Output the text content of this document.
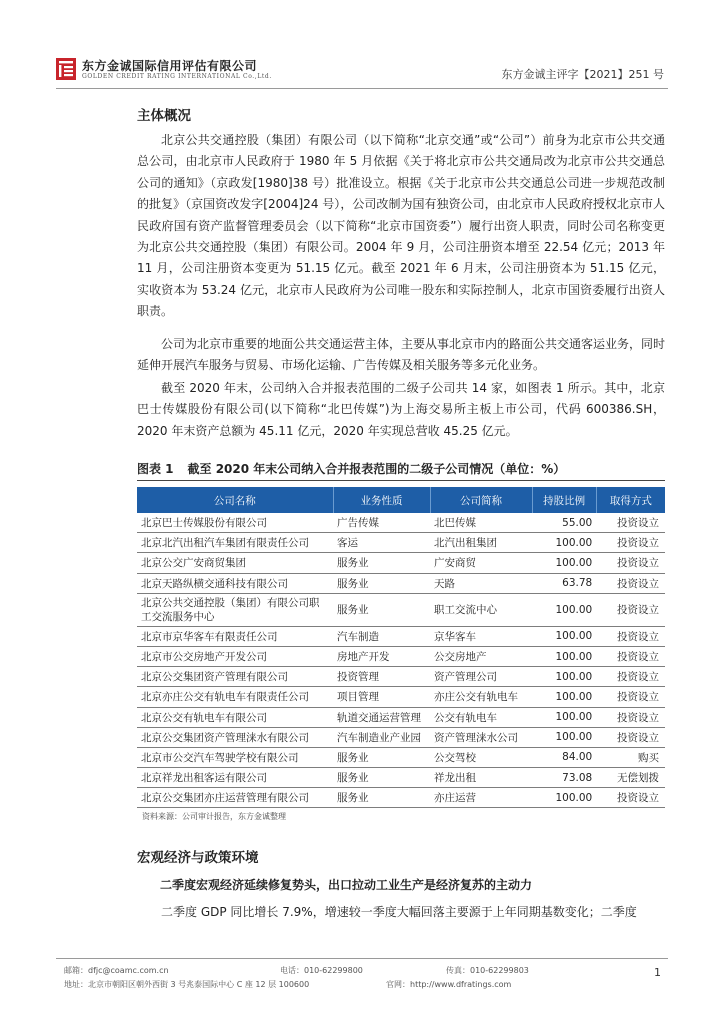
东方金诚国际信用评估有限公司
GOLDEN CREDIT RATING INTERNATIONAL Co.,Ltd.	东方金诚主评字【2021】251 号
主体概况

北京公共交通控股（集团）有限公司（以下简称“北京交通”或“公司”）前身为北京市公共交通总公司，由北京市人民政府于 1980 年 5 月依据《关于将北京市公共交通局改为北京市公共交通总公司的通知》（京政发[1980]38 号）批准设立。根据《关于北京市公共交通总公司进一步规范改制的批复》（京国资改发字[2004]24 号），公司改制为国有独资公司，由北京市人民政府授权北京市人民政府国有资产监督管理委员会（以下简称“北京市国资委”）履行出资人职责，同时公司名称变更为北京公共交通控股（集团）有限公司。2004 年 9 月，公司注册资本增至 22.54 亿元；2013 年 11 月，公司注册资本变更为 51.15 亿元。截至 2021 年 6 月末，公司注册资本为 51.15 亿元，实收资本为 53.24 亿元，北京市人民政府为公司唯一股东和实际控制人，北京市国资委履行出资人职责。

公司为北京市重要的地面公共交通运营主体，主要从事北京市内的路面公共交通客运业务，同时延伸开展汽车服务与贸易、市场化运输、广告传媒及相关服务等多元化业务。

截至 2020 年末，公司纳入合并报表范围的二级子公司共 14 家，如图表 1 所示。其中，北京巴士传媒股份有限公司(以下简称“北巴传媒”)为上海交易所主板上市公司，代码 600386.SH，2020 年末资产总额为 45.11 亿元，2020 年实现总营收 45.25 亿元。

图表 1 截至 2020 年末公司纳入合并报表范围的二级子公司情况（单位：%）
公司名称	业务性质	公司简称	持股比例	取得方式
北京巴士传媒股份有限公司	广告传媒	北巴传媒	55.00	投资设立
北京北汽出租汽车集团有限责任公司	客运	北汽出租集团	100.00	投资设立
北京公交广安商贸集团	服务业	广安商贸	100.00	投资设立
北京天路纵横交通科技有限公司	服务业	天路	63.78	投资设立
北京公共交通控股（集团）有限公司职工交流服务中心	服务业	职工交流中心	100.00	投资设立
北京市京华客车有限责任公司	汽车制造	京华客车	100.00	投资设立
北京市公交房地产开发公司	房地产开发	公交房地产	100.00	投资设立
北京公交集团资产管理有限公司	投资管理	资产管理公司	100.00	投资设立
北京亦庄公交有轨电车有限责任公司	项目管理	亦庄公交有轨电车	100.00	投资设立
北京公交有轨电车有限公司	轨道交通运营管理	公交有轨电车	100.00	投资设立
北京公交集团资产管理涞水有限公司	汽车制造业产业园	资产管理涞水公司	100.00	投资设立
北京市公交汽车驾驶学校有限公司	服务业	公交驾校	84.00	购买
北京祥龙出租客运有限公司	服务业	祥龙出租	73.08	无偿划拨
北京公交集团亦庄运营管理有限公司	服务业	亦庄运营	100.00	投资设立
资料来源：公司审计报告，东方金诚整理
宏观经济与政策环境
二季度宏观经济延续修复势头，出口拉动工业生产是经济复苏的主动力

二季度 GDP 同比增长 7.9%，增速较一季度大幅回落主要源于上年同期基数变化；二季度

邮箱：dfjc@coamc.com.cn	电话：010-62299800	传真：010-62299803
地址：北京市朝阳区朝外西街 3 号兆泰国际中心 C 座 12 层 100600	官网：http://www.dfratings.com
1
